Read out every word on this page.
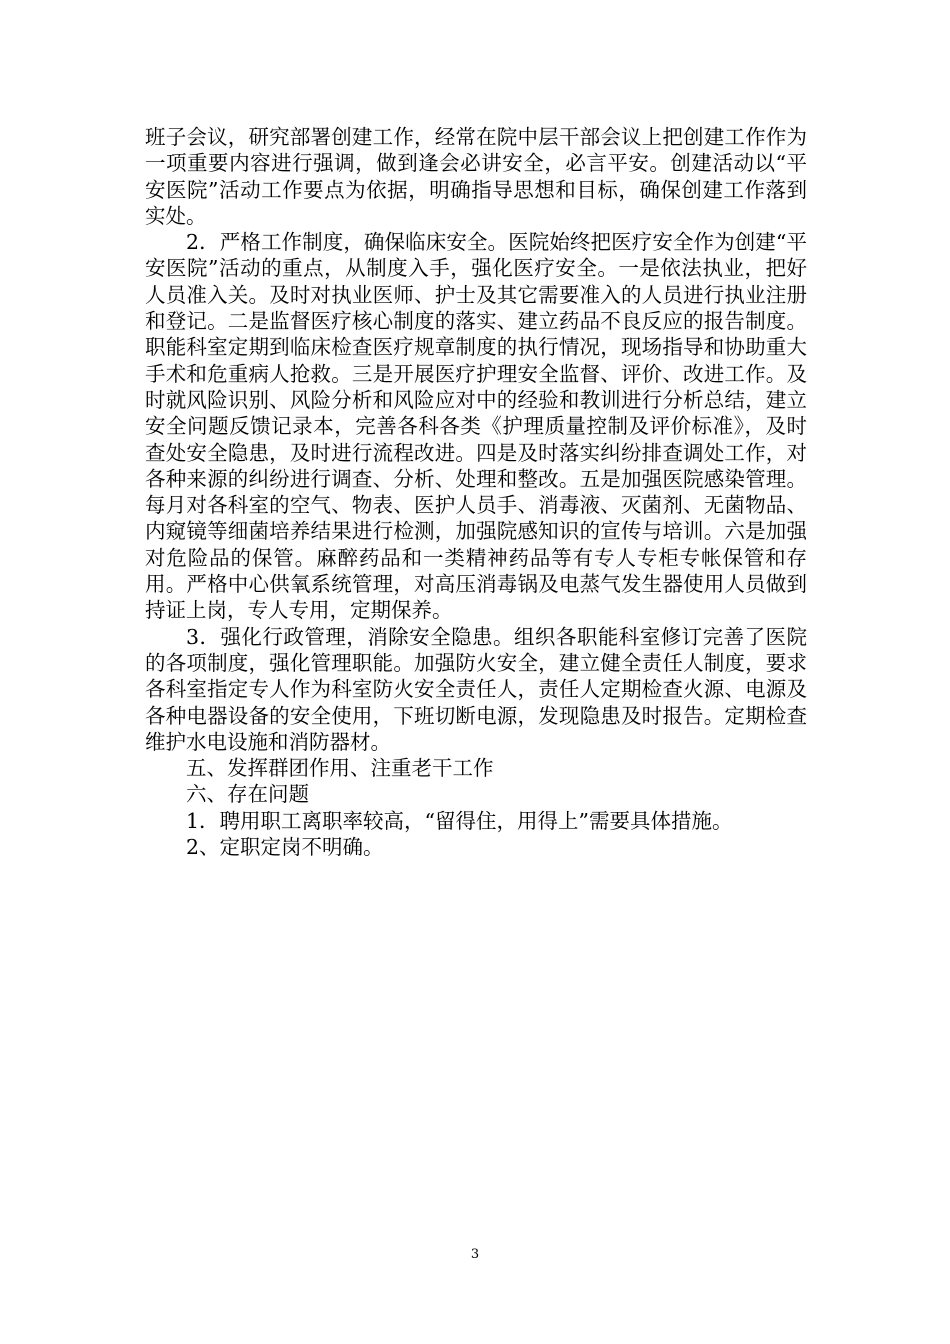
班子会议，研究部署创建工作，经常在院中层干部会议上把创建工作作为一项重要内容进行强调，做到逢会必讲安全，必言平安。创建活动以“平安医院”活动工作要点为依据，明确指导思想和目标，确保创建工作落到实处。

2．严格工作制度，确保临床安全。医院始终把医疗安全作为创建“平安医院”活动的重点，从制度入手，强化医疗安全。一是依法执业，把好人员准入关。及时对执业医师、护士及其它需要准入的人员进行执业注册和登记。二是监督医疗核心制度的落实、建立药品不良反应的报告制度。职能科室定期到临床检查医疗规章制度的执行情况，现场指导和协助重大手术和危重病人抢救。三是开展医疗护理安全监督、评价、改进工作。及时就风险识别、风险分析和风险应对中的经验和教训进行分析总结，建立安全问题反馈记录本，完善各科各类《护理质量控制及评价标准》，及时查处安全隐患，及时进行流程改进。四是及时落实纠纷排查调处工作，对各种来源的纠纷进行调查、分析、处理和整改。五是加强医院感染管理。每月对各科室的空气、物表、医护人员手、消毒液、灭菌剂、无菌物品、内窥镜等细菌培养结果进行检测，加强院感知识的宣传与培训。六是加强对危险品的保管。麻醉药品和一类精神药品等有专人专柜专帐保管和存用。严格中心供氧系统管理，对高压消毒锅及电蒸气发生器使用人员做到持证上岗，专人专用，定期保养。

3．强化行政管理，消除安全隐患。组织各职能科室修订完善了医院的各项制度，强化管理职能。加强防火安全，建立健全责任人制度，要求各科室指定专人作为科室防火安全责任人，责任人定期检查火源、电源及各种电器设备的安全使用，下班切断电源，发现隐患及时报告。定期检查维护水电设施和消防器材。

五、发挥群团作用、注重老干工作

六、存在问题

1．聘用职工离职率较高，“留得住，用得上”需要具体措施。

2、定职定岗不明确。

3
